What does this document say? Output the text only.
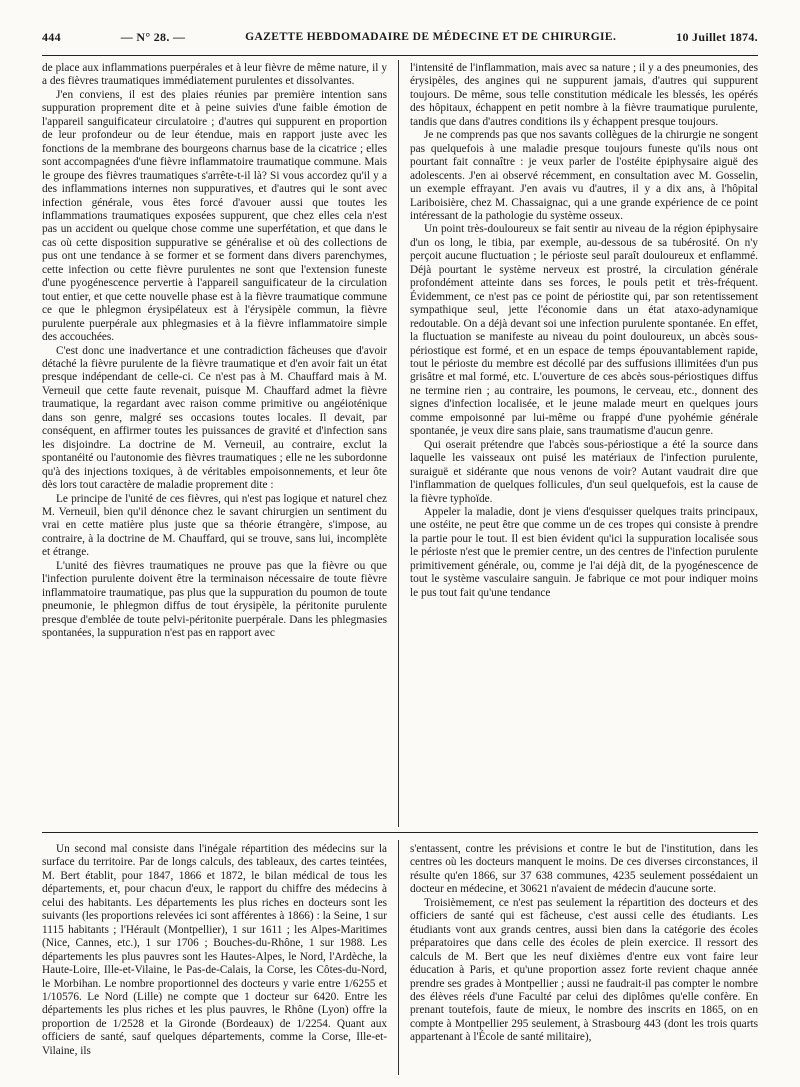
444	— N° 28. —	GAZETTE HEBDOMADAIRE DE MÉDECINE ET DE CHIRURGIE.	10 Juillet 1874.

de place aux inflammations puerpérales et à leur fièvre de même nature, il y a des fièvres traumatiques immédiatement purulentes et dissolvantes.

J'en conviens, il est des plaies réunies par première intention sans suppuration proprement dite et à peine suivies d'une faible émotion de l'appareil sanguificateur circulatoire ; d'autres qui suppurent en proportion de leur profondeur ou de leur étendue, mais en rapport juste avec les fonctions de la membrane des bourgeons charnus base de la cicatrice ; elles sont accompagnées d'une fièvre inflammatoire traumatique commune. Mais le groupe des fièvres traumatiques s'arrête-t-il là? Si vous accordez qu'il y a des inflammations internes non suppuratives, et d'autres qui le sont avec infection générale, vous êtes forcé d'avouer aussi que toutes les inflammations traumatiques exposées suppurent, que chez elles cela n'est pas un accident ou quelque chose comme une superfétation, et que dans le cas où cette disposition suppurative se généralise et où des collections de pus ont une tendance à se former et se forment dans divers parenchymes, cette infection ou cette fièvre purulentes ne sont que l'extension funeste d'une pyogénescence pervertie à l'appareil sanguificateur de la circulation tout entier, et que cette nouvelle phase est à la fièvre traumatique commune ce que le phlegmon érysipélateux est à l'érysipèle commun, la fièvre purulente puerpérale aux phlegmasies et à la fièvre inflammatoire simple des accouchées.

C'est donc une inadvertance et une contradiction fâcheuses que d'avoir détaché la fièvre purulente de la fièvre traumatique et d'en avoir fait un état presque indépendant de celle-ci. Ce n'est pas à M. Chauffard mais à M. Verneuil que cette faute revenait, puisque M. Chauffard admet la fièvre traumatique, la regardant avec raison comme primitive ou angéioténique dans son genre, malgré ses occasions toutes locales. Il devait, par conséquent, en affirmer toutes les puissances de gravité et d'infection sans les disjoindre. La doctrine de M. Verneuil, au contraire, exclut la spontanéité ou l'autonomie des fièvres traumatiques ; elle ne les subordonne qu'à des injections toxiques, à de véritables empoisonnements, et leur ôte dès lors tout caractère de maladie proprement dite :

Le principe de l'unité de ces fièvres, qui n'est pas logique et naturel chez M. Verneuil, bien qu'il dénonce chez le savant chirurgien un sentiment du vrai en cette matière plus juste que sa théorie étrangère, s'impose, au contraire, à la doctrine de M. Chauffard, qui se trouve, sans lui, incomplète et étrange.

L'unité des fièvres traumatiques ne prouve pas que la fièvre ou que l'infection purulente doivent être la terminaison nécessaire de toute fièvre inflammatoire traumatique, pas plus que la suppuration du poumon de toute pneumonie, le phlegmon diffus de tout érysipèle, la péritonite purulente presque d'emblée de toute pelvi-péritonite puerpérale. Dans les phlegmasies spontanées, la suppuration n'est pas en rapport avec

l'intensité de l'inflammation, mais avec sa nature ; il y a des pneumonies, des érysipèles, des angines qui ne suppurent jamais, d'autres qui suppurent toujours. De même, sous telle constitution médicale les blessés, les opérés des hôpitaux, échappent en petit nombre à la fièvre traumatique purulente, tandis que dans d'autres conditions ils y échappent presque toujours.

Je ne comprends pas que nos savants collègues de la chirurgie ne songent pas quelquefois à une maladie presque toujours funeste qu'ils nous ont pourtant fait connaître : je veux parler de l'ostéite épiphysaire aiguë des adolescents. J'en ai observé récemment, en consultation avec M. Gosselin, un exemple effrayant. J'en avais vu d'autres, il y a dix ans, à l'hôpital Lariboisière, chez M. Chassaignac, qui a une grande expérience de ce point intéressant de la pathologie du système osseux.

Un point très-douloureux se fait sentir au niveau de la région épiphysaire d'un os long, le tibia, par exemple, au-dessous de sa tubérosité. On n'y perçoit aucune fluctuation ; le périoste seul paraît douloureux et enflammé. Déjà pourtant le système nerveux est prostré, la circulation générale profondément atteinte dans ses forces, le pouls petit et très-fréquent. Évidemment, ce n'est pas ce point de périostite qui, par son retentissement sympathique seul, jette l'économie dans un état ataxo-adynamique redoutable. On a déjà devant soi une infection purulente spontanée. En effet, la fluctuation se manifeste au niveau du point douloureux, un abcès sous-périostique est formé, et en un espace de temps épouvantablement rapide, tout le périoste du membre est décollé par des suffusions illimitées d'un pus grisâtre et mal formé, etc. L'ouverture de ces abcès sous-périostiques diffus ne termine rien ; au contraire, les poumons, le cerveau, etc., donnent des signes d'infection localisée, et le jeune malade meurt en quelques jours comme empoisonné par lui-même ou frappé d'une pyohémie générale spontanée, je veux dire sans plaie, sans traumatisme d'aucun genre.

Qui oserait prétendre que l'abcès sous-périostique a été la source dans laquelle les vaisseaux ont puisé les matériaux de l'infection purulente, suraiguë et sidérante que nous venons de voir? Autant vaudrait dire que l'inflammation de quelques follicules, d'un seul quelquefois, est la cause de la fièvre typhoïde.

Appeler la maladie, dont je viens d'esquisser quelques traits principaux, une ostéite, ne peut être que comme un de ces tropes qui consiste à prendre la partie pour le tout. Il est bien évident qu'ici la suppuration localisée sous le périoste n'est que le premier centre, un des centres de l'infection purulente primitivement générale, ou, comme je l'ai déjà dit, de la pyogénescence de tout le système vasculaire sanguin. Je fabrique ce mot pour indiquer moins le pus tout fait qu'une tendance

Un second mal consiste dans l'inégale répartition des médecins sur la surface du territoire. Par de longs calculs, des tableaux, des cartes teintées, M. Bert établit, pour 1847, 1866 et 1872, le bilan médical de tous les départements, et, pour chacun d'eux, le rapport du chiffre des médecins à celui des habitants. Les départements les plus riches en docteurs sont les suivants (les proportions relevées ici sont afférentes à 1866) : la Seine, 1 sur 1115 habitants ; l'Hérault (Montpellier), 1 sur 1611 ; les Alpes-Maritimes (Nice, Cannes, etc.), 1 sur 1706 ; Bouches-du-Rhône, 1 sur 1988. Les départements les plus pauvres sont les Hautes-Alpes, le Nord, l'Ardèche, la Haute-Loire, Ille-et-Vilaine, le Pas-de-Calais, la Corse, les Côtes-du-Nord, le Morbihan. Le nombre proportionnel des docteurs y varie entre 1/6255 et 1/10576. Le Nord (Lille) ne compte que 1 docteur sur 6420. Entre les départements les plus riches et les plus pauvres, le Rhône (Lyon) offre la proportion de 1/2528 et la Gironde (Bordeaux) de 1/2254. Quant aux officiers de santé, sauf quelques départements, comme la Corse, Ille-et-Vilaine, ils

s'entassent, contre les prévisions et contre le but de l'institution, dans les centres où les docteurs manquent le moins. De ces diverses circonstances, il résulte qu'en 1866, sur 37 638 communes, 4235 seulement possédaient un docteur en médecine, et 30621 n'avaient de médecin d'aucune sorte.

Troisièmement, ce n'est pas seulement la répartition des docteurs et des officiers de santé qui est fâcheuse, c'est aussi celle des étudiants. Les étudiants vont aux grands centres, aussi bien dans la catégorie des écoles préparatoires que dans celle des écoles de plein exercice. Il ressort des calculs de M. Bert que les neuf dixièmes d'entre eux vont faire leur éducation à Paris, et qu'une proportion assez forte revient chaque année prendre ses grades à Montpellier ; aussi ne faudrait-il pas compter le nombre des élèves réels d'une Faculté par celui des diplômes qu'elle confère. En prenant toutefois, faute de mieux, le nombre des inscrits en 1865, on en compte à Montpellier 295 seulement, à Strasbourg 443 (dont les trois quarts appartenant à l'École de santé militaire),
